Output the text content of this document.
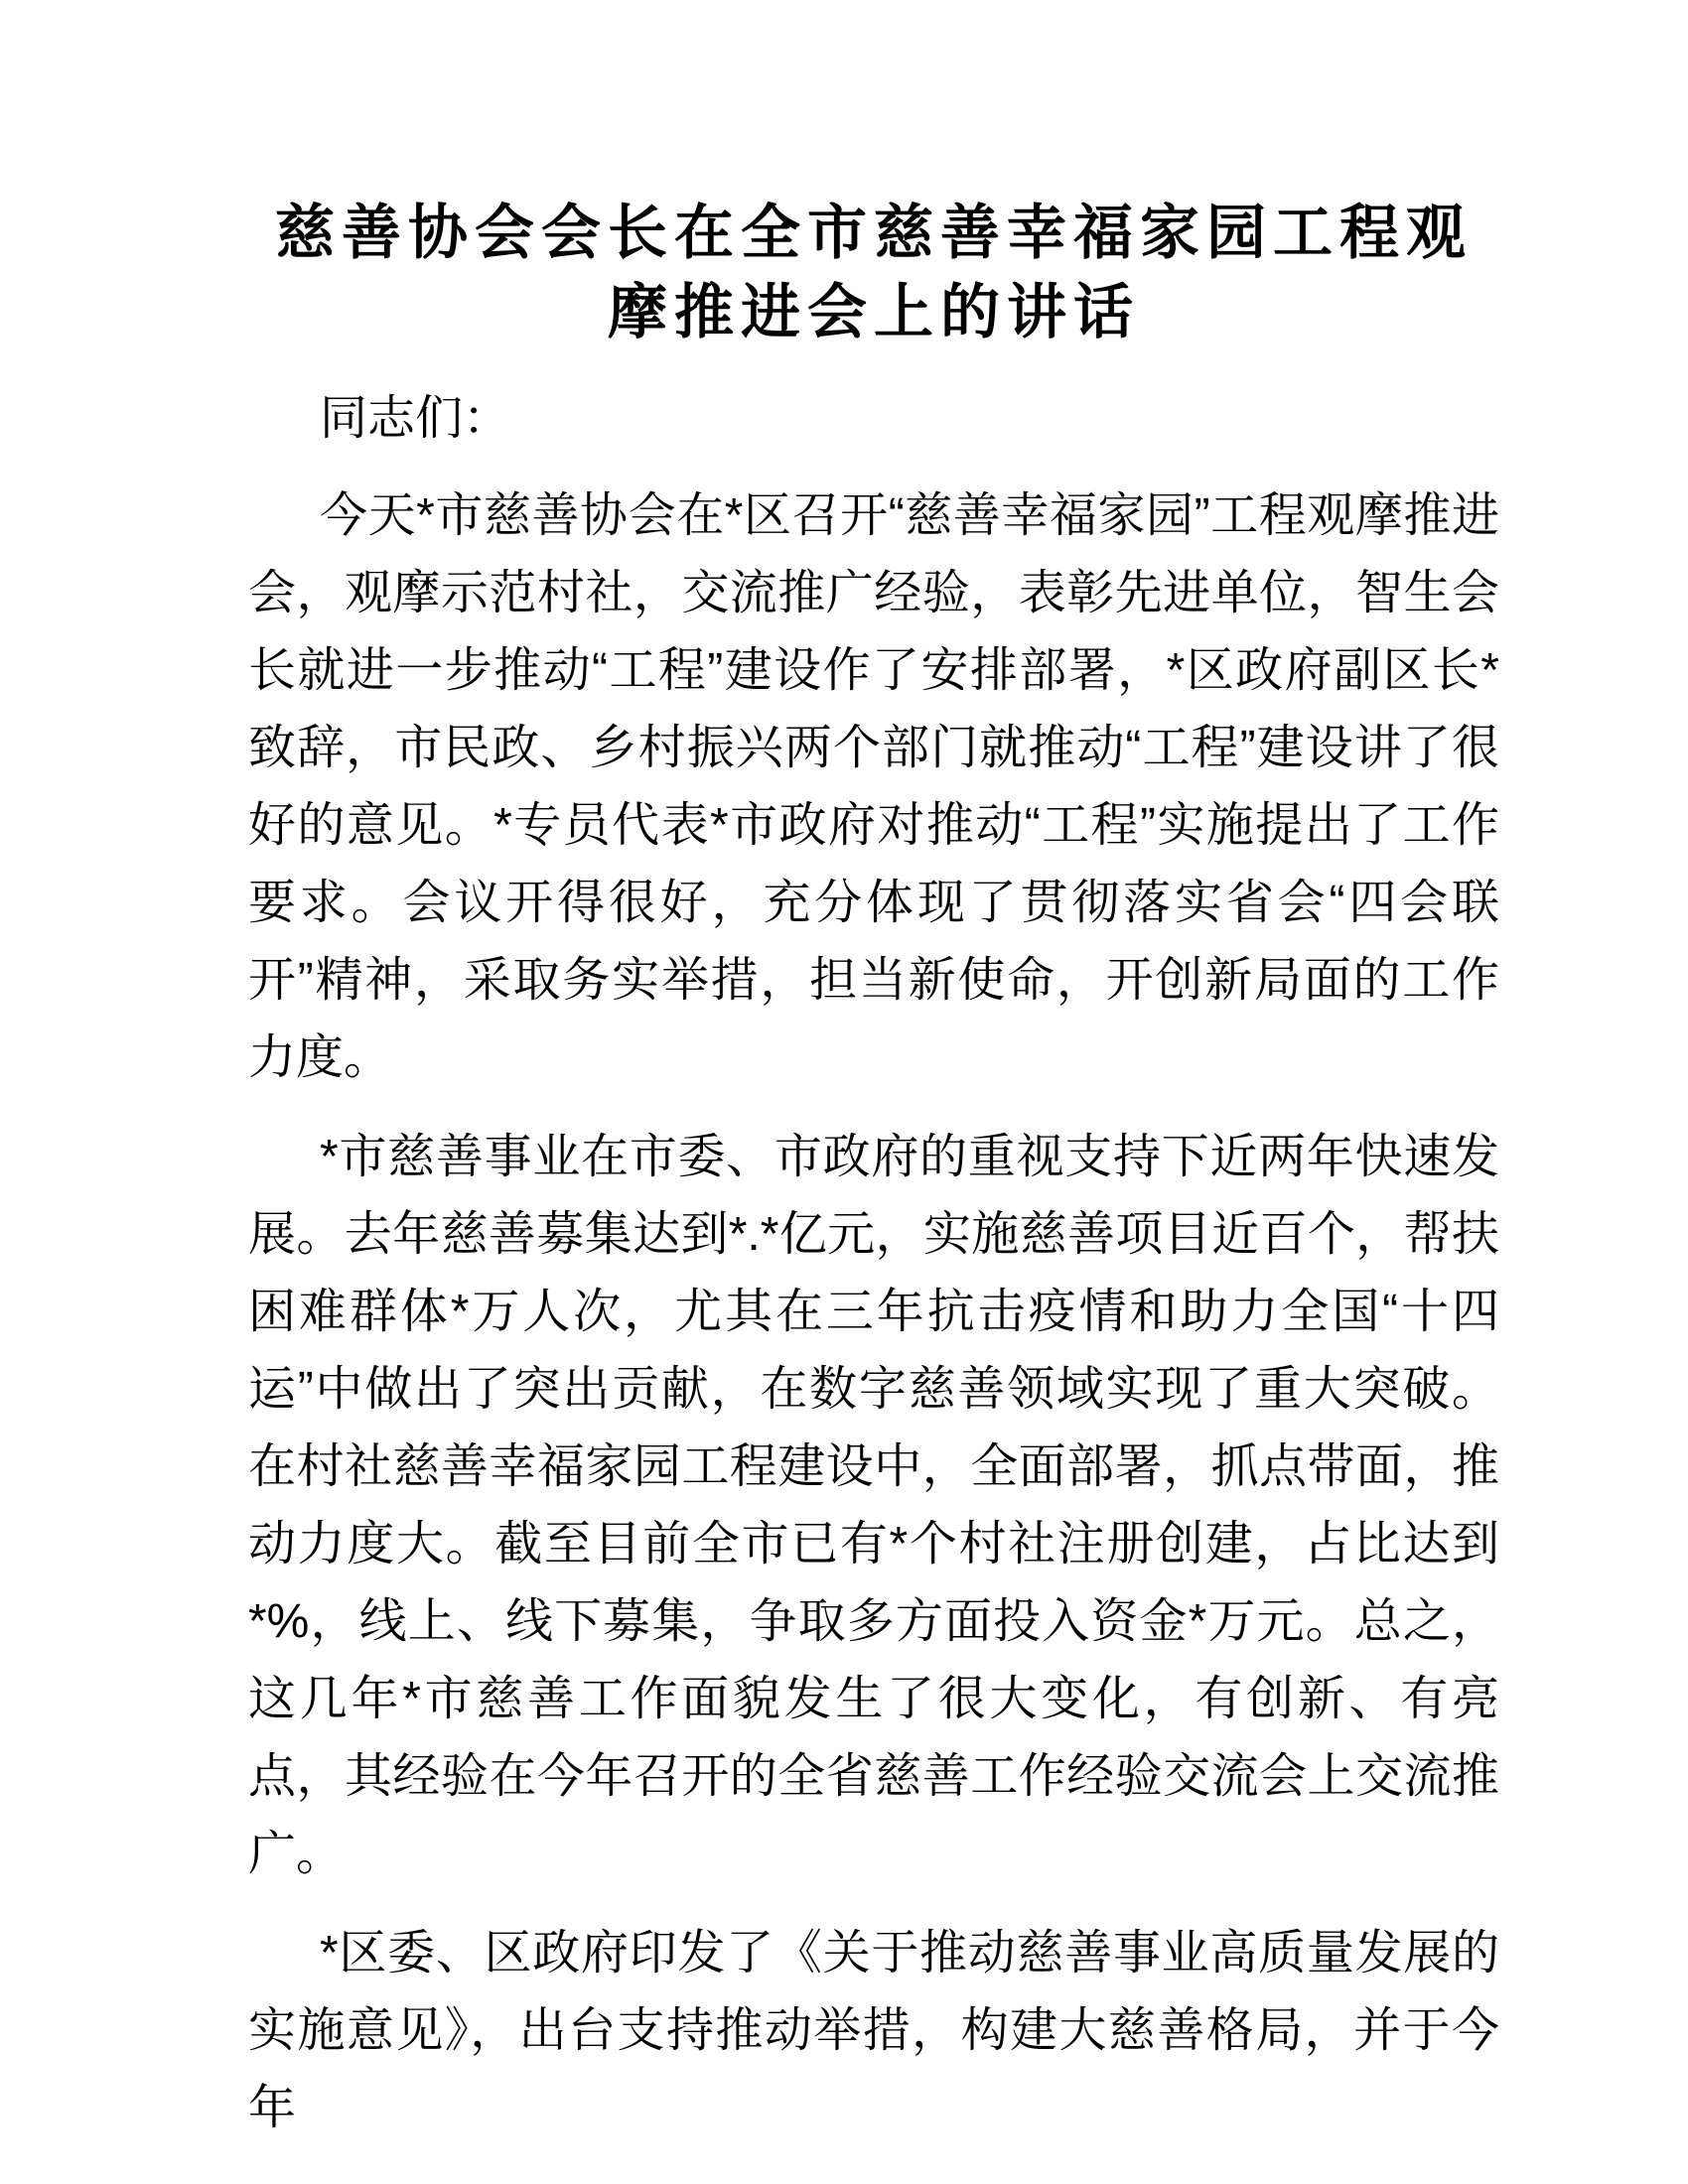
慈善协会会长在全市慈善幸福家园工程观摩推进会上的讲话

同志们：

今天*市慈善协会在*区召开“慈善幸福家园”工程观摩推进会，观摩示范村社，交流推广经验，表彰先进单位，智生会长就进一步推动“工程”建设作了安排部署，*区政府副区长*致辞，市民政、乡村振兴两个部门就推动“工程”建设讲了很好的意见。*专员代表*市政府对推动“工程”实施提出了工作要求。会议开得很好，充分体现了贯彻落实省会“四会联开”精神，采取务实举措，担当新使命，开创新局面的工作力度。

*市慈善事业在市委、市政府的重视支持下近两年快速发展。去年慈善募集达到*.*亿元，实施慈善项目近百个，帮扶困难群体*万人次，尤其在三年抗击疫情和助力全国“十四运”中做出了突出贡献，在数字慈善领域实现了重大突破。在村社慈善幸福家园工程建设中，全面部署，抓点带面，推动力度大。截至目前全市已有*个村社注册创建，占比达到*%，线上、线下募集，争取多方面投入资金*万元。总之，这几年*市慈善工作面貌发生了很大变化，有创新、有亮点，其经验在今年召开的全省慈善工作经验交流会上交流推广。

*区委、区政府印发了《关于推动慈善事业高质量发展的实施意见》，出台支持推动举措，构建大慈善格局，并于今年
